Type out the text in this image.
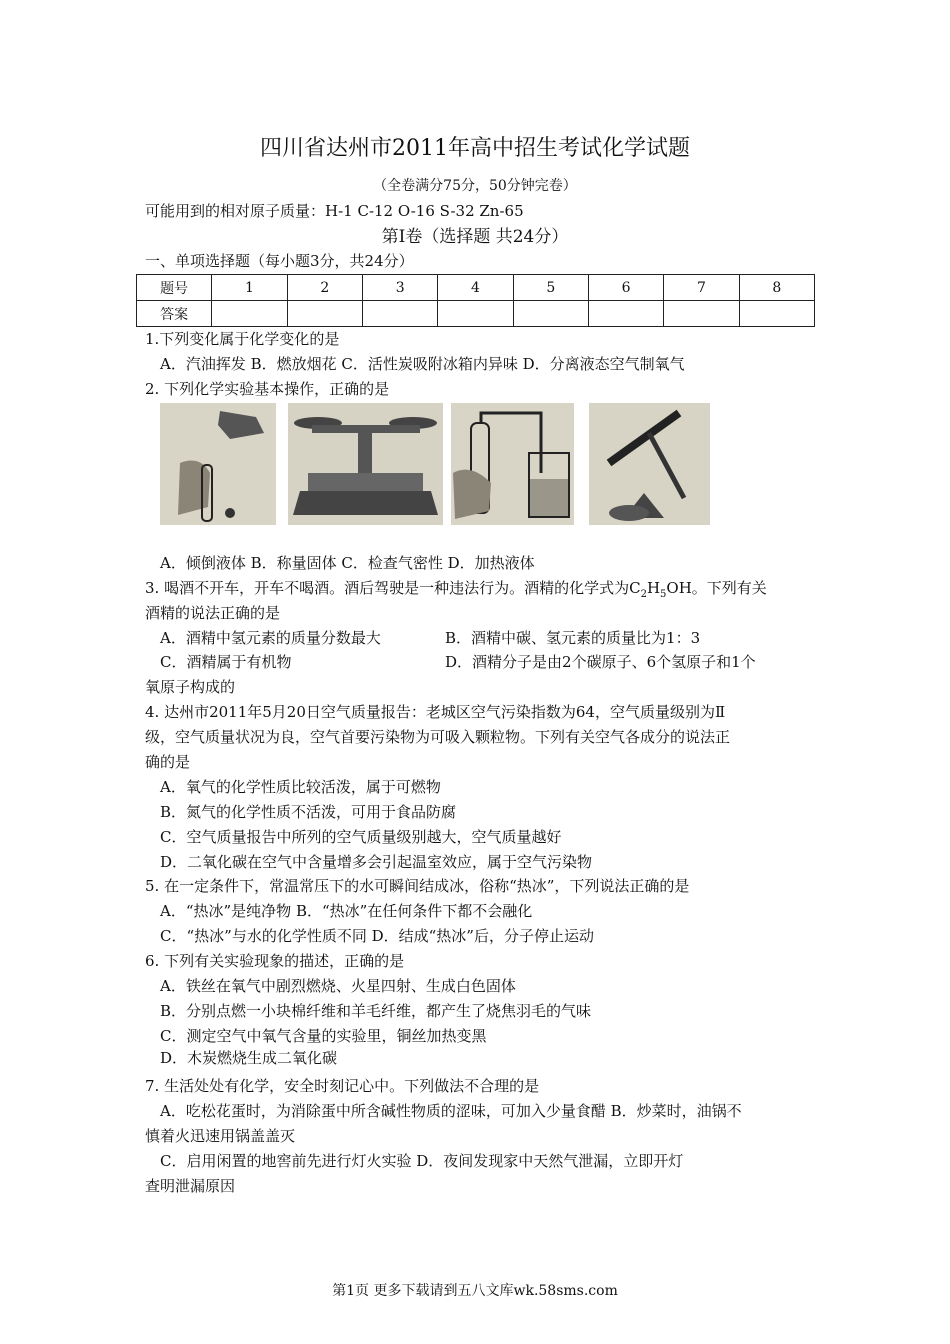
四川省达州市2011年高中招生考试化学试题
（全卷满分75分，50分钟完卷）
可能用到的相对原子质量：H-1 C-12 O-16 S-32 Zn-65
第Ⅰ卷（选择题 共24分）
一、单项选择题（每小题3分，共24分）
题号	1	2	3	4	5	6	7	8
答案								
1.下列变化属于化学变化的是
A．汽油挥发 B．燃放烟花 C．活性炭吸附冰箱内异味 D．分离液态空气制氧气
2. 下列化学实验基本操作，正确的是
A．倾倒液体 B．称量固体 C．检查气密性 D．加热液体
3. 喝酒不开车，开车不喝酒。酒后驾驶是一种违法行为。酒精的化学式为$C_2H_5OH$。下列有关
酒精的说法正确的是
A．酒精中氢元素的质量分数最大	B．酒精中碳、氢元素的质量比为1：3
C．酒精属于有机物	D．酒精分子是由2个碳原子、6个氢原子和1个
氧原子构成的
4. 达州市2011年5月20日空气质量报告：老城区空气污染指数为64，空气质量级别为Ⅱ
级，空气质量状况为良，空气首要污染物为可吸入颗粒物。下列有关空气各成分的说法正
确的是
A．氧气的化学性质比较活泼，属于可燃物
B．氮气的化学性质不活泼，可用于食品防腐
C．空气质量报告中所列的空气质量级别越大，空气质量越好
D．二氧化碳在空气中含量增多会引起温室效应，属于空气污染物
5. 在一定条件下，常温常压下的水可瞬间结成冰，俗称“热冰”，下列说法正确的是
A．“热冰”是纯净物 B．“热冰”在任何条件下都不会融化
C．“热冰”与水的化学性质不同 D．结成“热冰”后，分子停止运动
6. 下列有关实验现象的描述，正确的是
A．铁丝在氧气中剧烈燃烧、火星四射、生成白色固体
B．分别点燃一小块棉纤维和羊毛纤维，都产生了烧焦羽毛的气味
C．测定空气中氧气含量的实验里，铜丝加热变黑
D．木炭燃烧生成二氧化碳
7. 生活处处有化学，安全时刻记心中。下列做法不合理的是
A．吃松花蛋时，为消除蛋中所含碱性物质的涩味，可加入少量食醋 B．炒菜时，油锅不
慎着火迅速用锅盖盖灭
C．启用闲置的地窖前先进行灯火实验 D．夜间发现家中天然气泄漏，立即开灯
查明泄漏原因
第1页 更多下载请到五八文库wk.58sms.com
